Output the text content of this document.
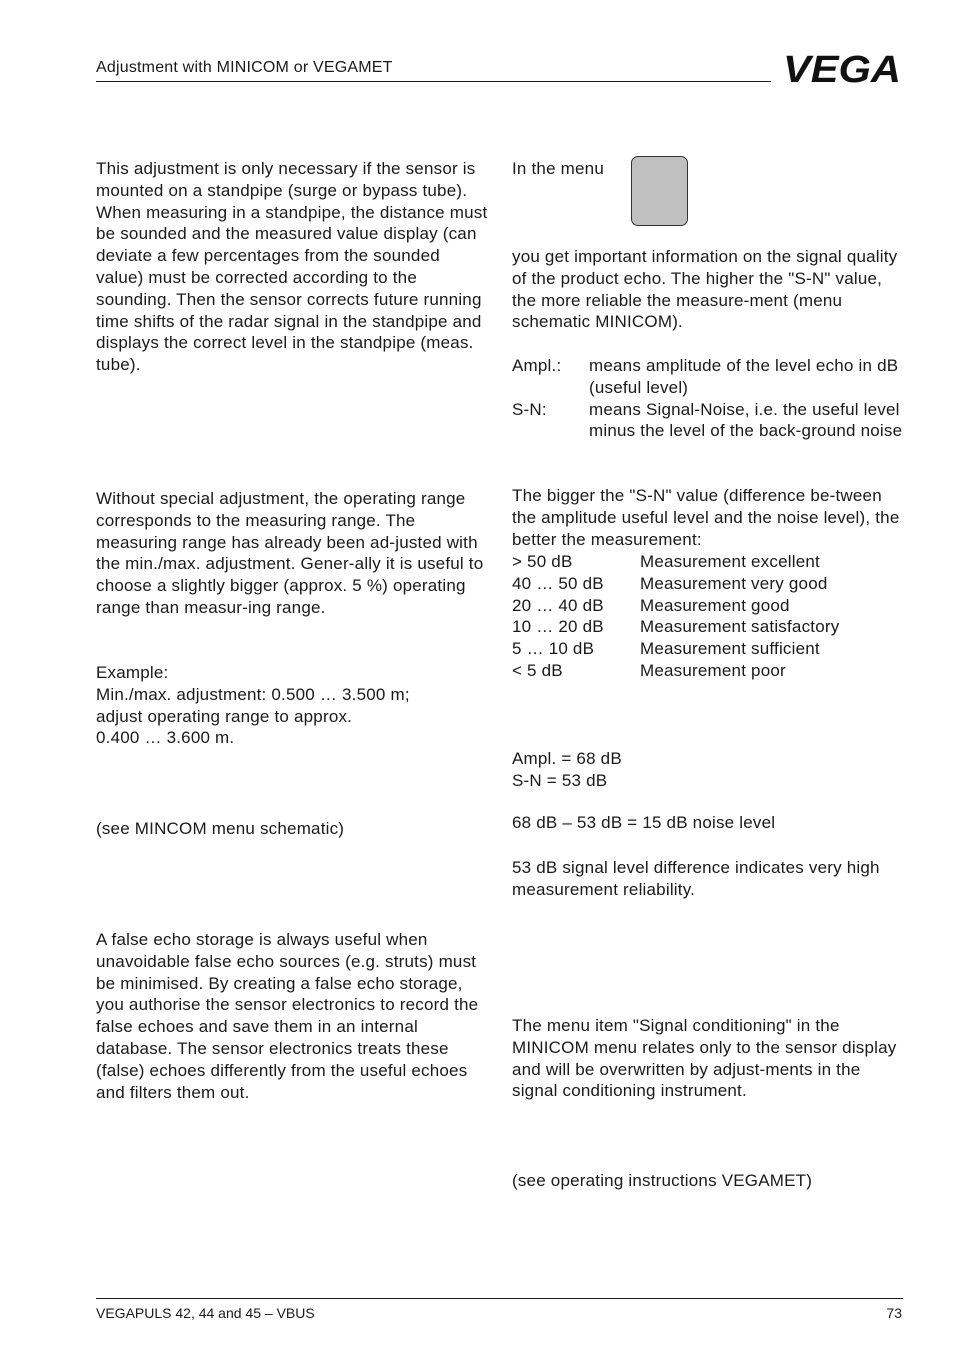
Adjustment with MINICOM or VEGAMET	VEGA

This adjustment is only necessary if the sensor is mounted on a standpipe (surge or bypass tube). When measuring in a standpipe, the distance must be sounded and the measured value display (can deviate a few percentages from the sounded value) must be corrected according to the sounding. Then the sensor corrects future running time shifts of the radar signal in the standpipe and displays the correct level in the standpipe (meas. tube).

Without special adjustment, the operating range corresponds to the measuring range. The measuring range has already been ad-justed with the min./max. adjustment. Gener-ally it is useful to choose a slightly bigger (approx. 5 %) operating range than measur-ing range.

Example:
Min./max. adjustment: 0.500 … 3.500 m;
adjust operating range to approx.
0.400 … 3.600 m.
(see MINCOM menu schematic)

A false echo storage is always useful when unavoidable false echo sources (e.g. struts) must be minimised. By creating a false echo storage, you authorise the sensor electronics to record the false echoes and save them in an internal database. The sensor electronics treats these (false) echoes differently from the useful echoes and filters them out.

In the menu

you get important information on the signal quality of the product echo. The higher the "S-N" value, the more reliable the measure-ment (menu schematic MINICOM).

Ampl.:	means amplitude of the level echo in dB (useful level)
S-N:	means Signal-Noise, i.e. the useful level minus the level of the back-ground noise

The bigger the "S-N" value (difference be-tween the amplitude useful level and the noise level), the better the measurement:

> 50 dB	Measurement excellent
40 … 50 dB	Measurement very good
20 … 40 dB	Measurement good
10 … 20 dB	Measurement satisfactory
5 … 10 dB	Measurement sufficient
< 5 dB	Measurement poor
Ampl. = 68 dB
S-N = 53 dB
68 dB – 53 dB = 15 dB noise level

53 dB signal level difference indicates very high measurement reliability.

The menu item "Signal conditioning" in the MINICOM menu relates only to the sensor display and will be overwritten by adjust-ments in the signal conditioning instrument.

(see operating instructions VEGAMET)
VEGAPULS 42, 44 and 45 – VBUS	73
